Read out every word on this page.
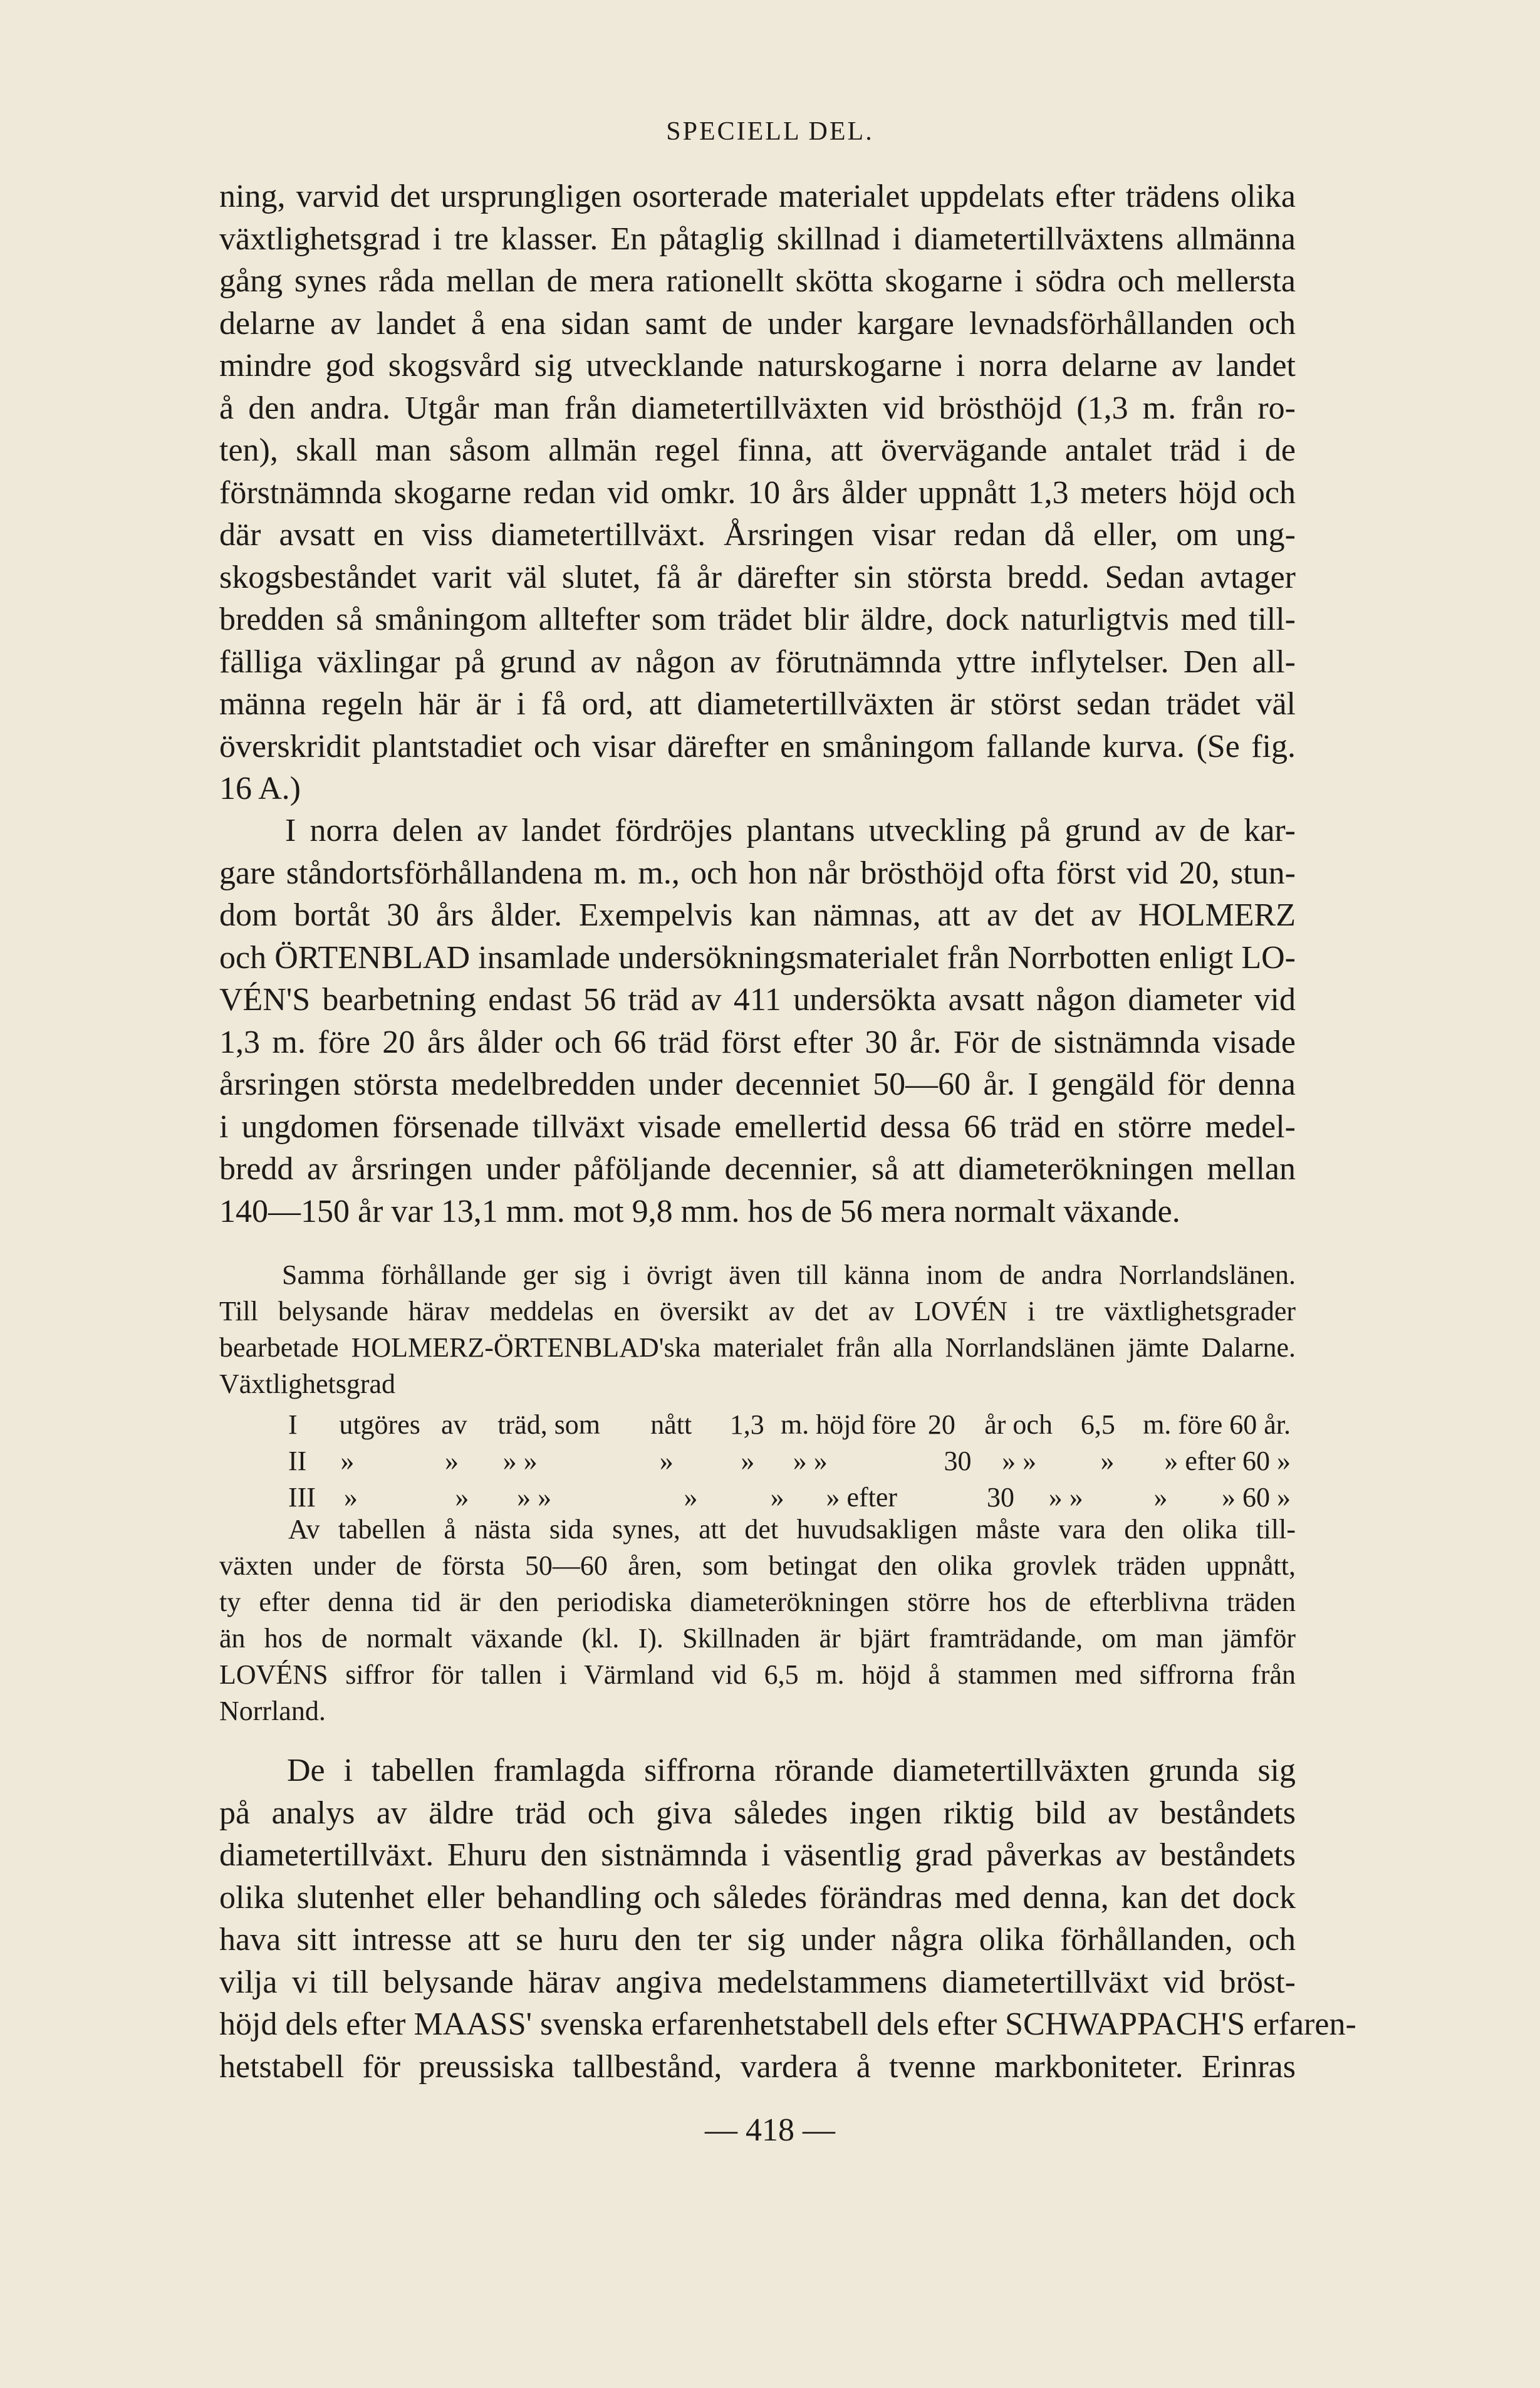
SPECIELL DEL.
ning, varvid det ursprungligen osorterade materialet uppdelats efter trädens olika
växtlighetsgrad i tre klasser. En påtaglig skillnad i diametertillväxtens allmänna
gång synes råda mellan de mera rationellt skötta skogarne i södra och mellersta
delarne av landet å ena sidan samt de under kargare levnadsförhållanden och
mindre god skogsvård sig utvecklande naturskogarne i norra delarne av landet
å den andra. Utgår man från diametertillväxten vid brösthöjd (1,3 m. från ro-
ten), skall man såsom allmän regel finna, att övervägande antalet träd i de
förstnämnda skogarne redan vid omkr. 10 års ålder uppnått 1,3 meters höjd och
där avsatt en viss diametertillväxt. Årsringen visar redan då eller, om ung-
skogsbeståndet varit väl slutet, få år därefter sin största bredd. Sedan avtager
bredden så småningom alltefter som trädet blir äldre, dock naturligtvis med till-
fälliga växlingar på grund av någon av förutnämnda yttre inflytelser. Den all-
männa regeln här är i få ord, att diametertillväxten är störst sedan trädet väl
överskridit plantstadiet och visar därefter en småningom fallande kurva. (Se fig.
16 A.)
I norra delen av landet fördröjes plantans utveckling på grund av de kar-
gare ståndortsförhållandena m. m., och hon når brösthöjd ofta först vid 20, stun-
dom bortåt 30 års ålder. Exempelvis kan nämnas, att av det av HOLMERZ
och ÖRTENBLAD insamlade undersökningsmaterialet från Norrbotten enligt LO-
VÉN'S bearbetning endast 56 träd av 411 undersökta avsatt någon diameter vid
1,3 m. före 20 års ålder och 66 träd först efter 30 år. För de sistnämnda visade
årsringen största medelbredden under decenniet 50—60 år. I gengäld för denna
i ungdomen försenade tillväxt visade emellertid dessa 66 träd en större medel-
bredd av årsringen under påföljande decennier, så att diameterökningen mellan
140—150 år var 13,1 mm. mot 9,8 mm. hos de 56 mera normalt växande.
Samma förhållande ger sig i övrigt även till känna inom de andra Norrlandslänen.
Till belysande härav meddelas en översikt av det av LOVÉN i tre växtlighetsgrader
bearbetade HOLMERZ-ÖRTENBLAD'ska materialet från alla Norrlandslänen jämte Dalarne.
Växtlighetsgrad
I	utgöres av	träd, som	nått	1,3 m. höjd före 20	år och	6,5	m. före 60 år.
II	»	»	» »	»	»	» »	30	» »	»	» efter 60 »
III	»	»	» »	»	»	» efter	30	» »	»	» 60 »
Av tabellen å nästa sida synes, att det huvudsakligen måste vara den olika till-
växten under de första 50—60 åren, som betingat den olika grovlek träden uppnått,
ty efter denna tid är den periodiska diameterökningen större hos de efterblivna träden
än hos de normalt växande (kl. I). Skillnaden är bjärt framträdande, om man jämför
LOVÉNS siffror för tallen i Värmland vid 6,5 m. höjd å stammen med siffrorna från
Norrland.
De i tabellen framlagda siffrorna rörande diametertillväxten grunda sig
på analys av äldre träd och giva således ingen riktig bild av beståndets
diametertillväxt. Ehuru den sistnämnda i väsentlig grad påverkas av beståndets
olika slutenhet eller behandling och således förändras med denna, kan det dock
hava sitt intresse att se huru den ter sig under några olika förhållanden, och
vilja vi till belysande härav angiva medelstammens diametertillväxt vid bröst-
höjd dels efter MAASS' svenska erfarenhetstabell dels efter SCHWAPPACH'S erfaren-
hetstabell för preussiska tallbestånd, vardera å tvenne markboniteter. Erinras
— 418 —
